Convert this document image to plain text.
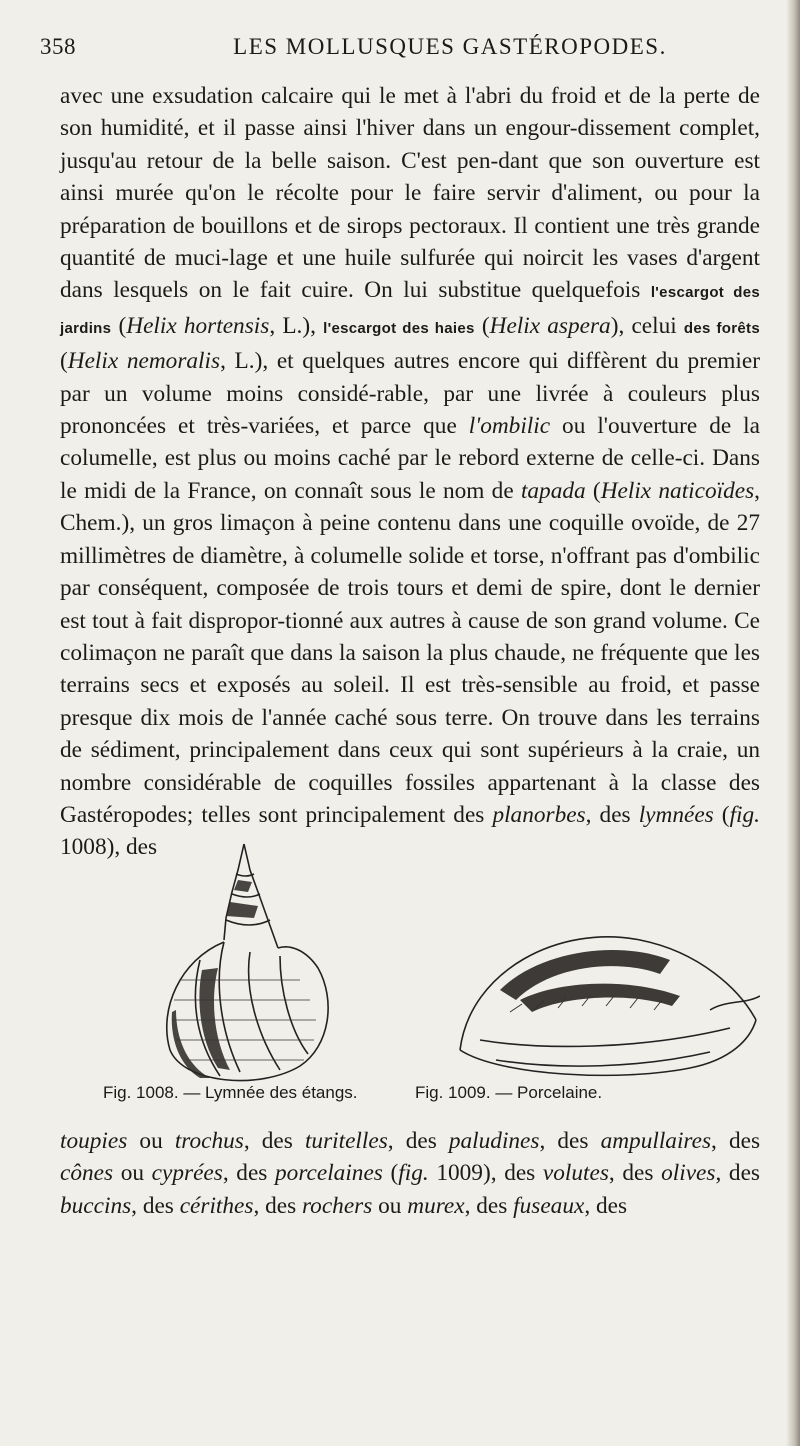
358	LES MOLLUSQUES GASTÉROPODES.

avec une exsudation calcaire qui le met à l'abri du froid et de la perte de son humidité, et il passe ainsi l'hiver dans un engour-dissement complet, jusqu'au retour de la belle saison. C'est pen-dant que son ouverture est ainsi murée qu'on le récolte pour le faire servir d'aliment, ou pour la préparation de bouillons et de sirops pectoraux. Il contient une très grande quantité de muci-lage et une huile sulfurée qui noircit les vases d'argent dans lesquels on le fait cuire. On lui substitue quelquefois l'escargot des jardins (Helix hortensis, L.), l'escargot des haies (Helix aspera), celui des forêts (Helix nemoralis, L.), et quelques autres encore qui diffèrent du premier par un volume moins considé-rable, par une livrée à couleurs plus prononcées et très-variées, et parce que l'ombilic ou l'ouverture de la columelle, est plus ou moins caché par le rebord externe de celle-ci. Dans le midi de la France, on connaît sous le nom de tapada (Helix naticoïdes, Chem.), un gros limaçon à peine contenu dans une coquille ovoïde, de 27 millimètres de diamètre, à columelle solide et torse, n'offrant pas d'ombilic par conséquent, composée de trois tours et demi de spire, dont le dernier est tout à fait dispropor-tionné aux autres à cause de son grand volume. Ce colimaçon ne paraît que dans la saison la plus chaude, ne fréquente que les terrains secs et exposés au soleil. Il est très-sensible au froid, et passe presque dix mois de l'année caché sous terre. On trouve dans les terrains de sédiment, principalement dans ceux qui sont supérieurs à la craie, un nombre considérable de coquilles fossiles appartenant à la classe des Gastéropodes; telles sont principalement des planorbes, des lymnées (fig. 1008), des

Fig. 1008. — Lymnée des étangs.	Fig. 1009. — Porcelaine.

toupies ou trochus, des turitelles, des paludines, des ampullaires, des cônes ou cyprées, des porcelaines (fig. 1009), des volutes, des olives, des buccins, des cérithes, des rochers ou murex, des fuseaux, des
